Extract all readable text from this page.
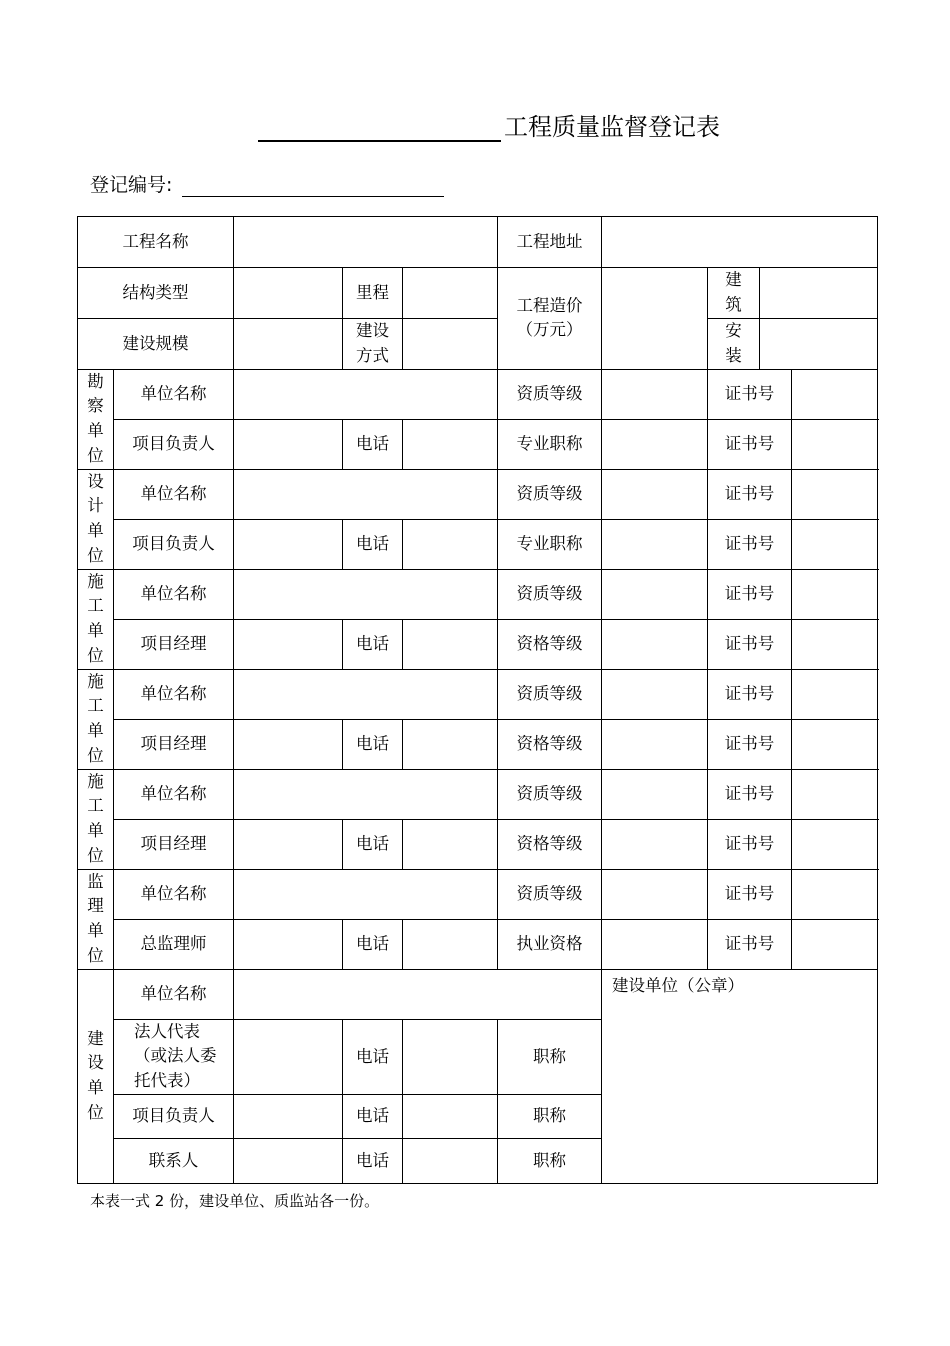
工程质量监督登记表
登记编号:
工程名称					工程地址				
结构类型			里程		工程造价（万元）		建筑		
建设规模			建设方式				安装		
勘察单位	单位名称				资质等级		证书号		
	项目负责人		电话		专业职称		证书号		
设计单位	单位名称				资质等级		证书号		
	项目负责人		电话		专业职称		证书号		
施工单位	单位名称				资质等级		证书号		
	项目经理		电话		资格等级		证书号		
施工单位	单位名称				资质等级		证书号		
	项目经理		电话		资格等级		证书号		
施工单位	单位名称				资质等级		证书号		
	项目经理		电话		资格等级		证书号		
监理单位	单位名称				资质等级		证书号		
	总监理师		电话		执业资格		证书号		
建设单位	单位名称					建设单位（公章）			
	法人代表（或法人委托代表）		电话		职称				
	项目负责人		电话		职称				
	联系人		电话		职称				
本表一式 2 份，建设单位、质监站各一份。
